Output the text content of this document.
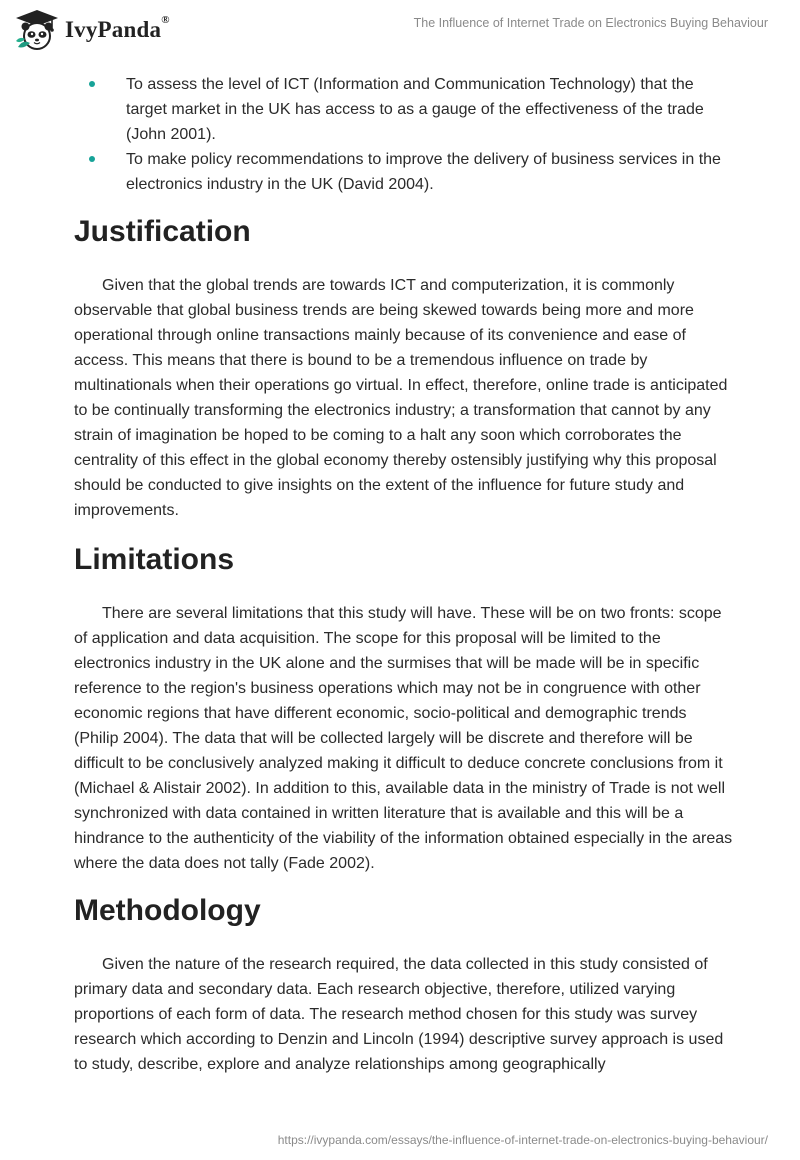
IvyPanda®	The Influence of Internet Trade on Electronics Buying Behaviour
To assess the level of ICT (Information and Communication Technology) that the target market in the UK has access to as a gauge of the effectiveness of the trade (John 2001).
To make policy recommendations to improve the delivery of business services in the electronics industry in the UK (David 2004).
Justification

Given that the global trends are towards ICT and computerization, it is commonly observable that global business trends are being skewed towards being more and more operational through online transactions mainly because of its convenience and ease of access. This means that there is bound to be a tremendous influence on trade by multinationals when their operations go virtual. In effect, therefore, online trade is anticipated to be continually transforming the electronics industry; a transformation that cannot by any strain of imagination be hoped to be coming to a halt any soon which corroborates the centrality of this effect in the global economy thereby ostensibly justifying why this proposal should be conducted to give insights on the extent of the influence for future study and improvements.

Limitations

There are several limitations that this study will have. These will be on two fronts: scope of application and data acquisition. The scope for this proposal will be limited to the electronics industry in the UK alone and the surmises that will be made will be in specific reference to the region's business operations which may not be in congruence with other economic regions that have different economic, socio-political and demographic trends (Philip 2004). The data that will be collected largely will be discrete and therefore will be difficult to be conclusively analyzed making it difficult to deduce concrete conclusions from it (Michael & Alistair 2002). In addition to this, available data in the ministry of Trade is not well synchronized with data contained in written literature that is available and this will be a hindrance to the authenticity of the viability of the information obtained especially in the areas where the data does not tally (Fade 2002).

Methodology

Given the nature of the research required, the data collected in this study consisted of primary data and secondary data. Each research objective, therefore, utilized varying proportions of each form of data. The research method chosen for this study was survey research which according to Denzin and Lincoln (1994) descriptive survey approach is used to study, describe, explore and analyze relationships among geographically

https://ivypanda.com/essays/the-influence-of-internet-trade-on-electronics-buying-behaviour/
